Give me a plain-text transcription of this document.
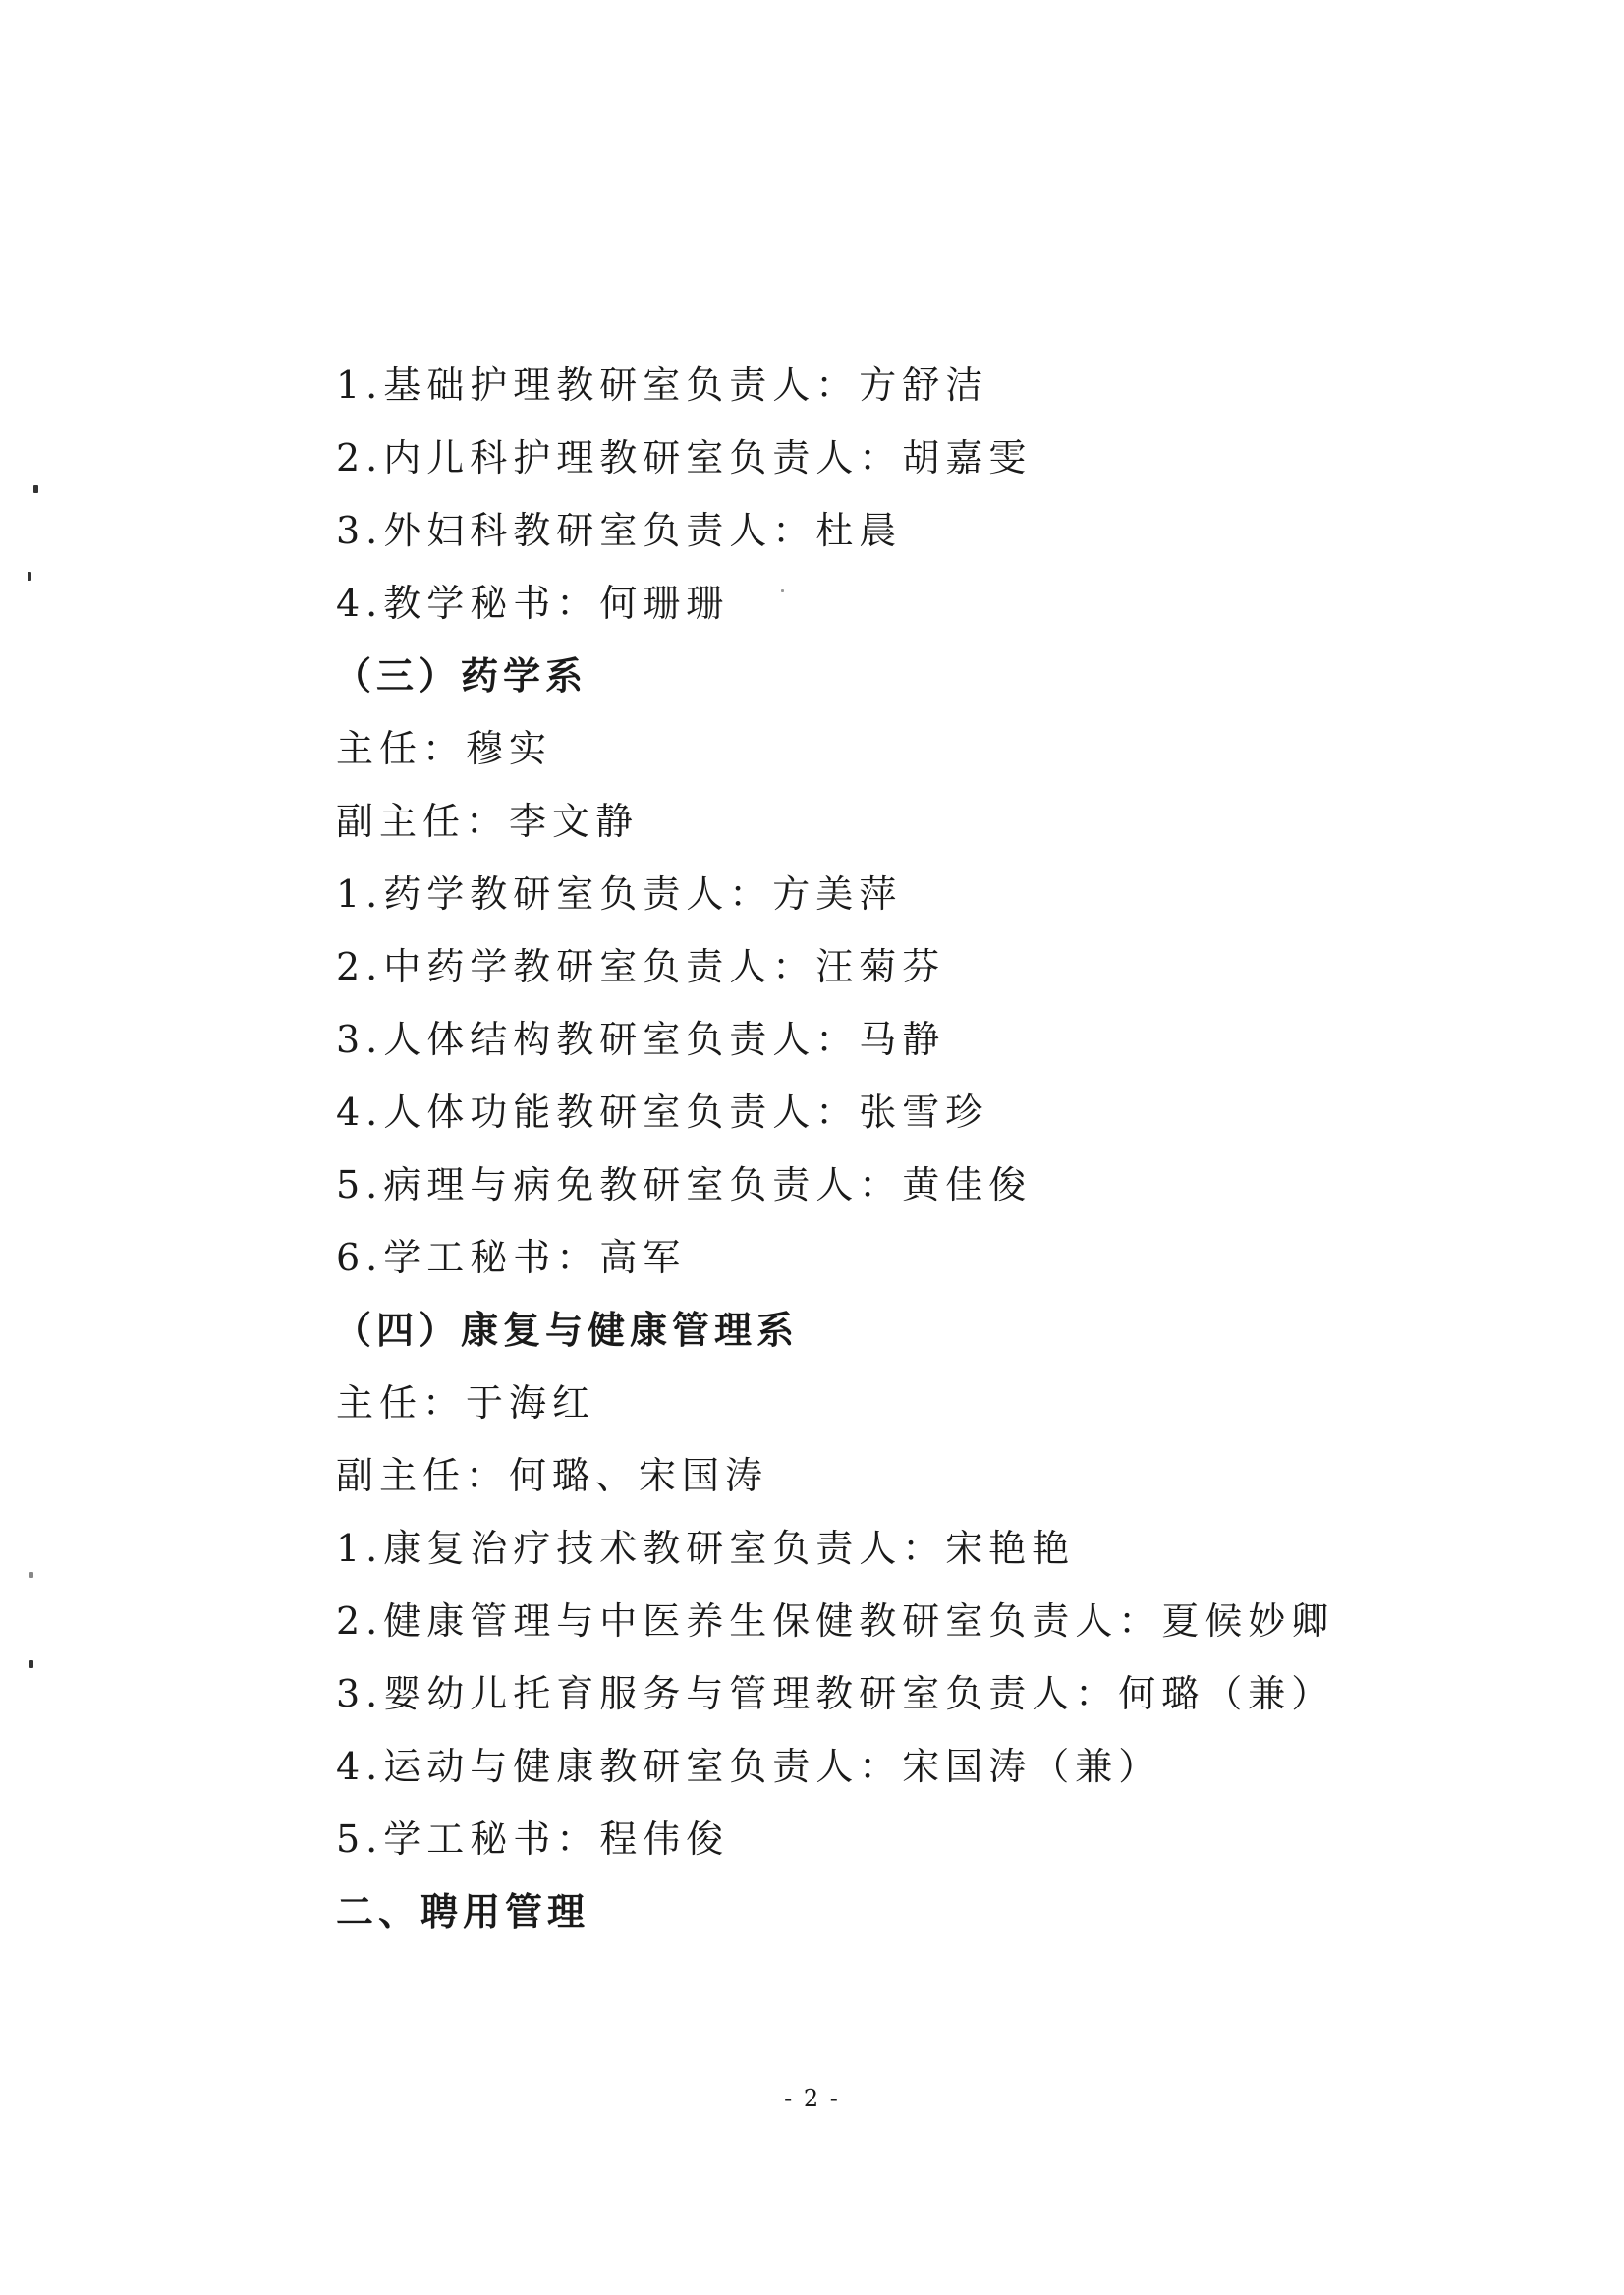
1.基础护理教研室负责人：方舒洁
2.内儿科护理教研室负责人：胡嘉雯
3.外妇科教研室负责人：杜晨
4.教学秘书：何珊珊
（三）药学系
主任：穆实
副主任：李文静
1.药学教研室负责人：方美萍
2.中药学教研室负责人：汪菊芬
3.人体结构教研室负责人：马静
4.人体功能教研室负责人：张雪珍
5.病理与病免教研室负责人：黄佳俊
6.学工秘书：高军
（四）康复与健康管理系
主任：于海红
副主任：何璐、宋国涛
1.康复治疗技术教研室负责人：宋艳艳
2.健康管理与中医养生保健教研室负责人：夏候妙卿
3.婴幼儿托育服务与管理教研室负责人：何璐（兼）
4.运动与健康教研室负责人：宋国涛（兼）
5.学工秘书：程伟俊
二、聘用管理
- 2 -
